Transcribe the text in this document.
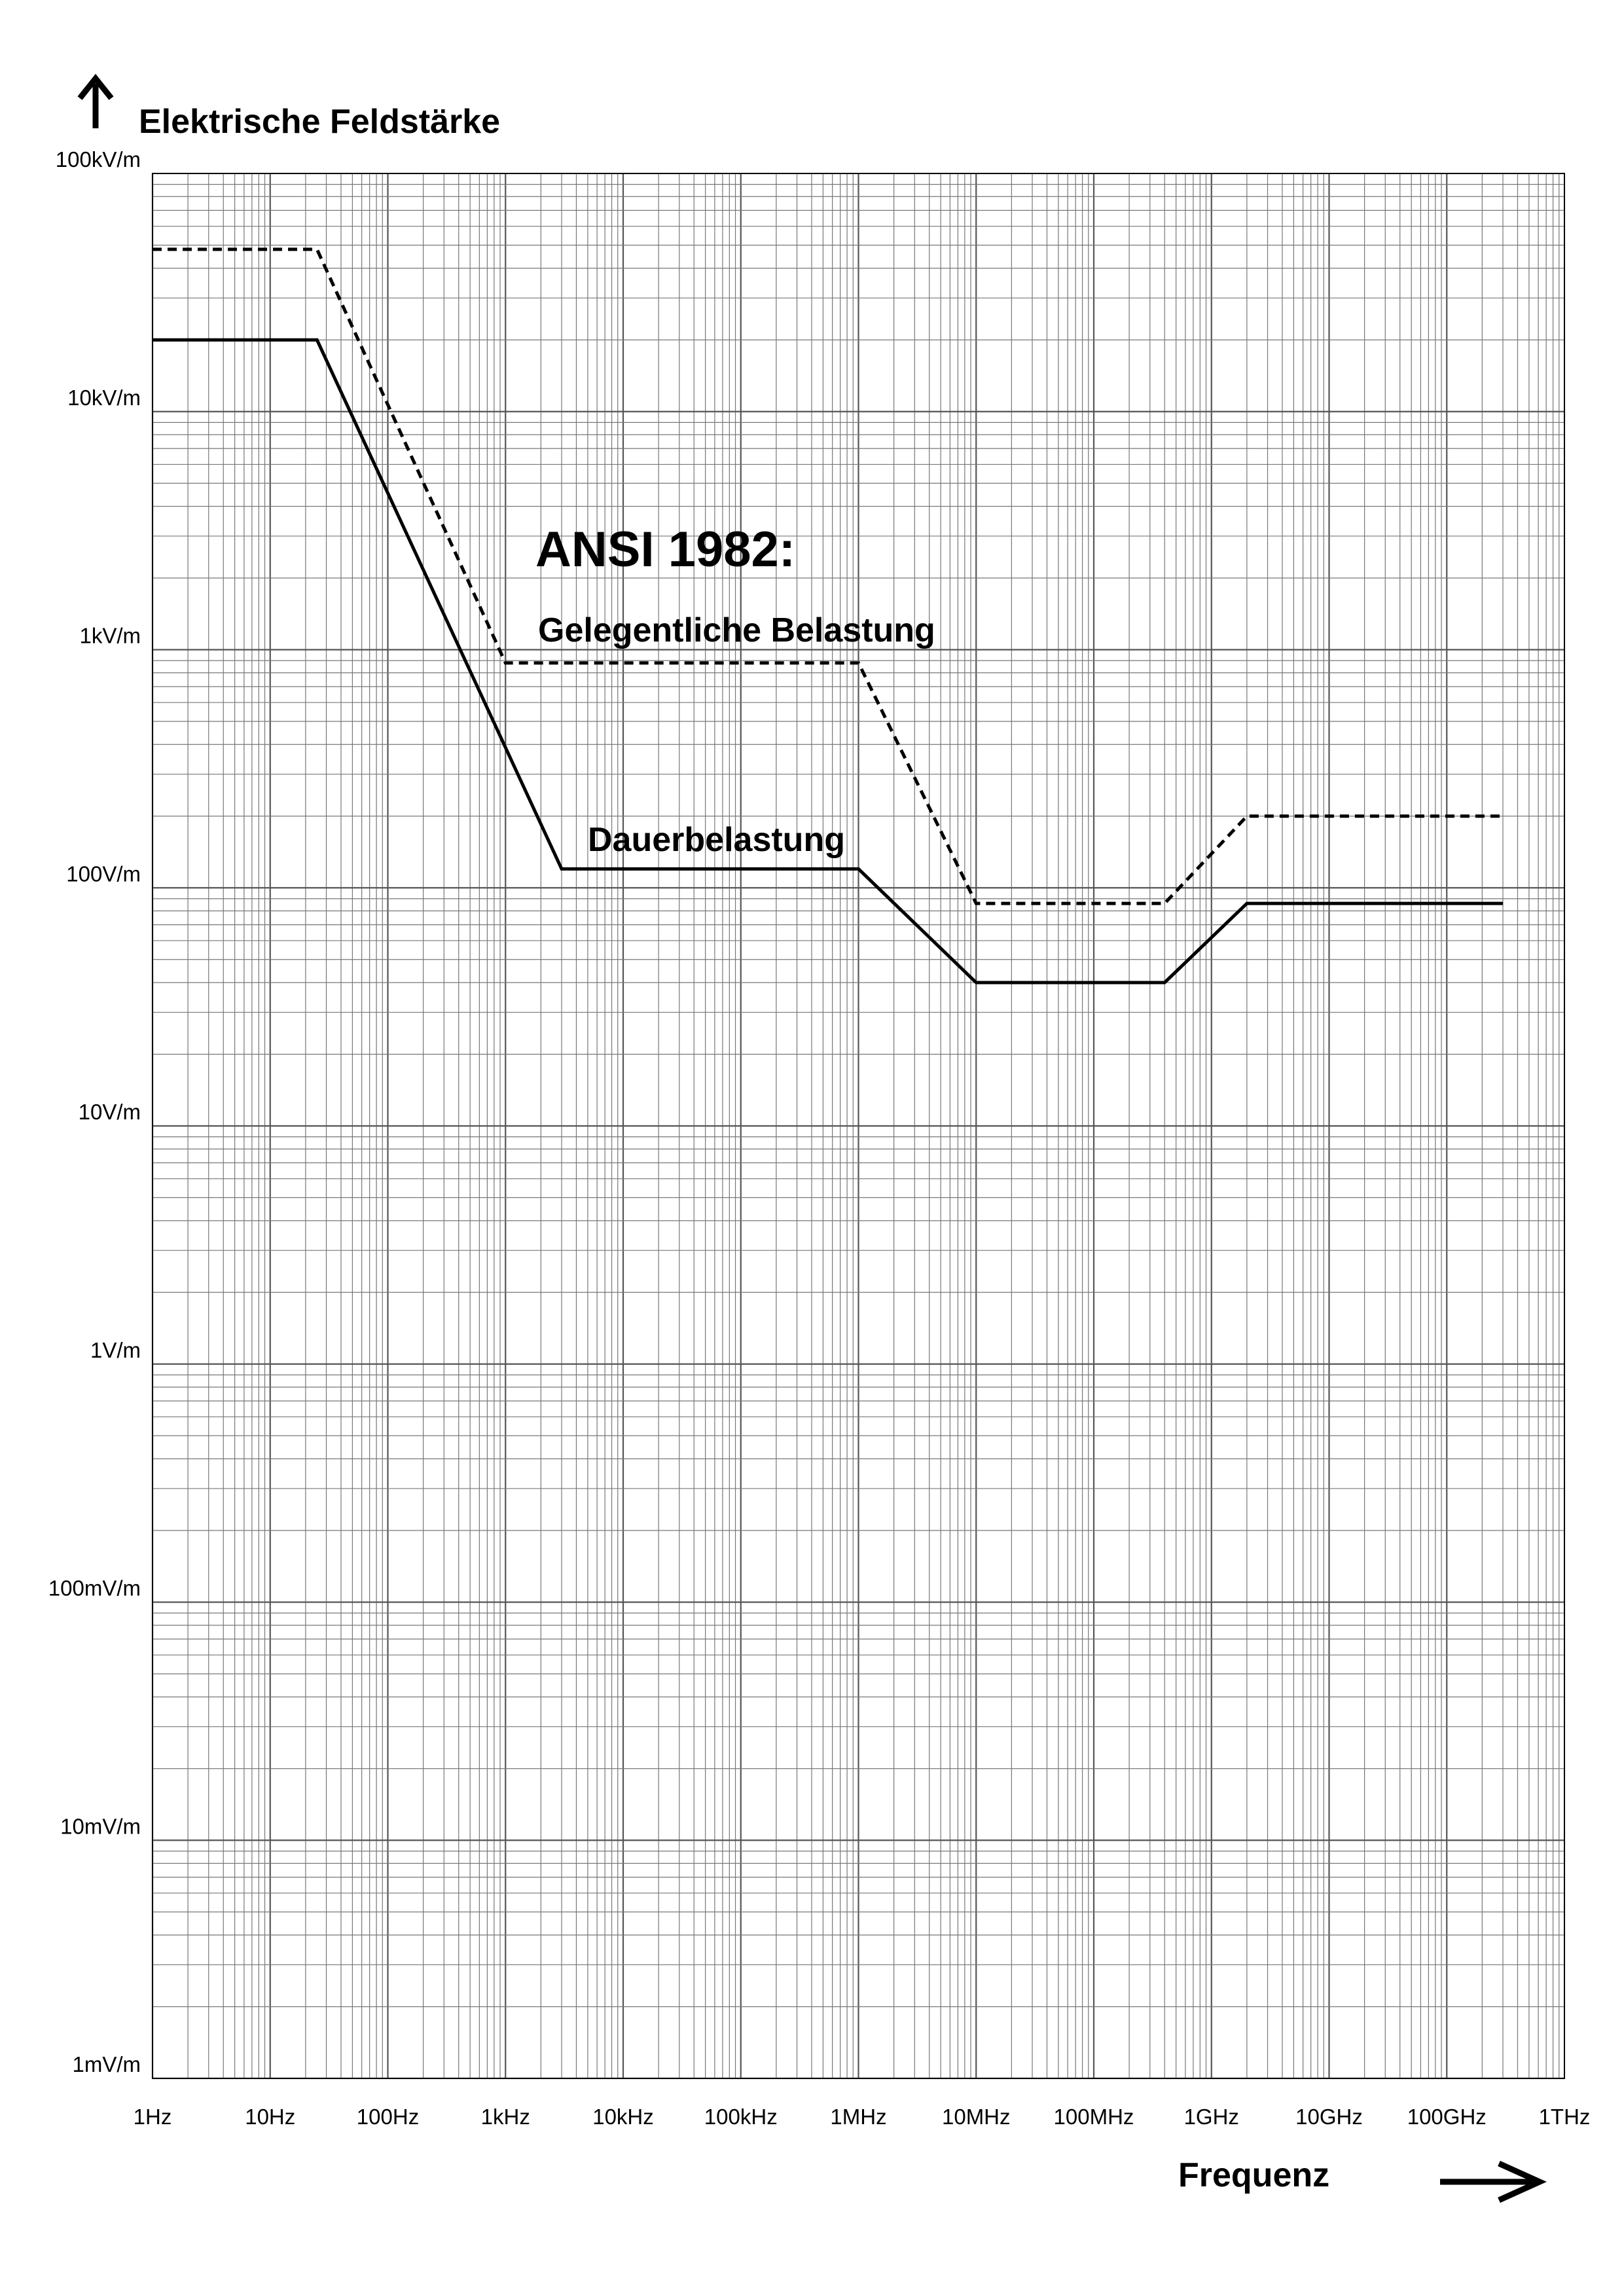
1Hz	10Hz	100Hz	1kHz	10kHz 100kHz 1MHz	10MHz 100MHz 1GHz	10GHz 100GHz 1THz
100kV/m
10kV/m
1kV/m
100V/m
10V/m
1V/m
100mV/m
10mV/m
1mV/m
Elektrische Feldstärke
Frequenz
ANSI 1982:
Gelegentliche Belastung
Dauerbelastung
